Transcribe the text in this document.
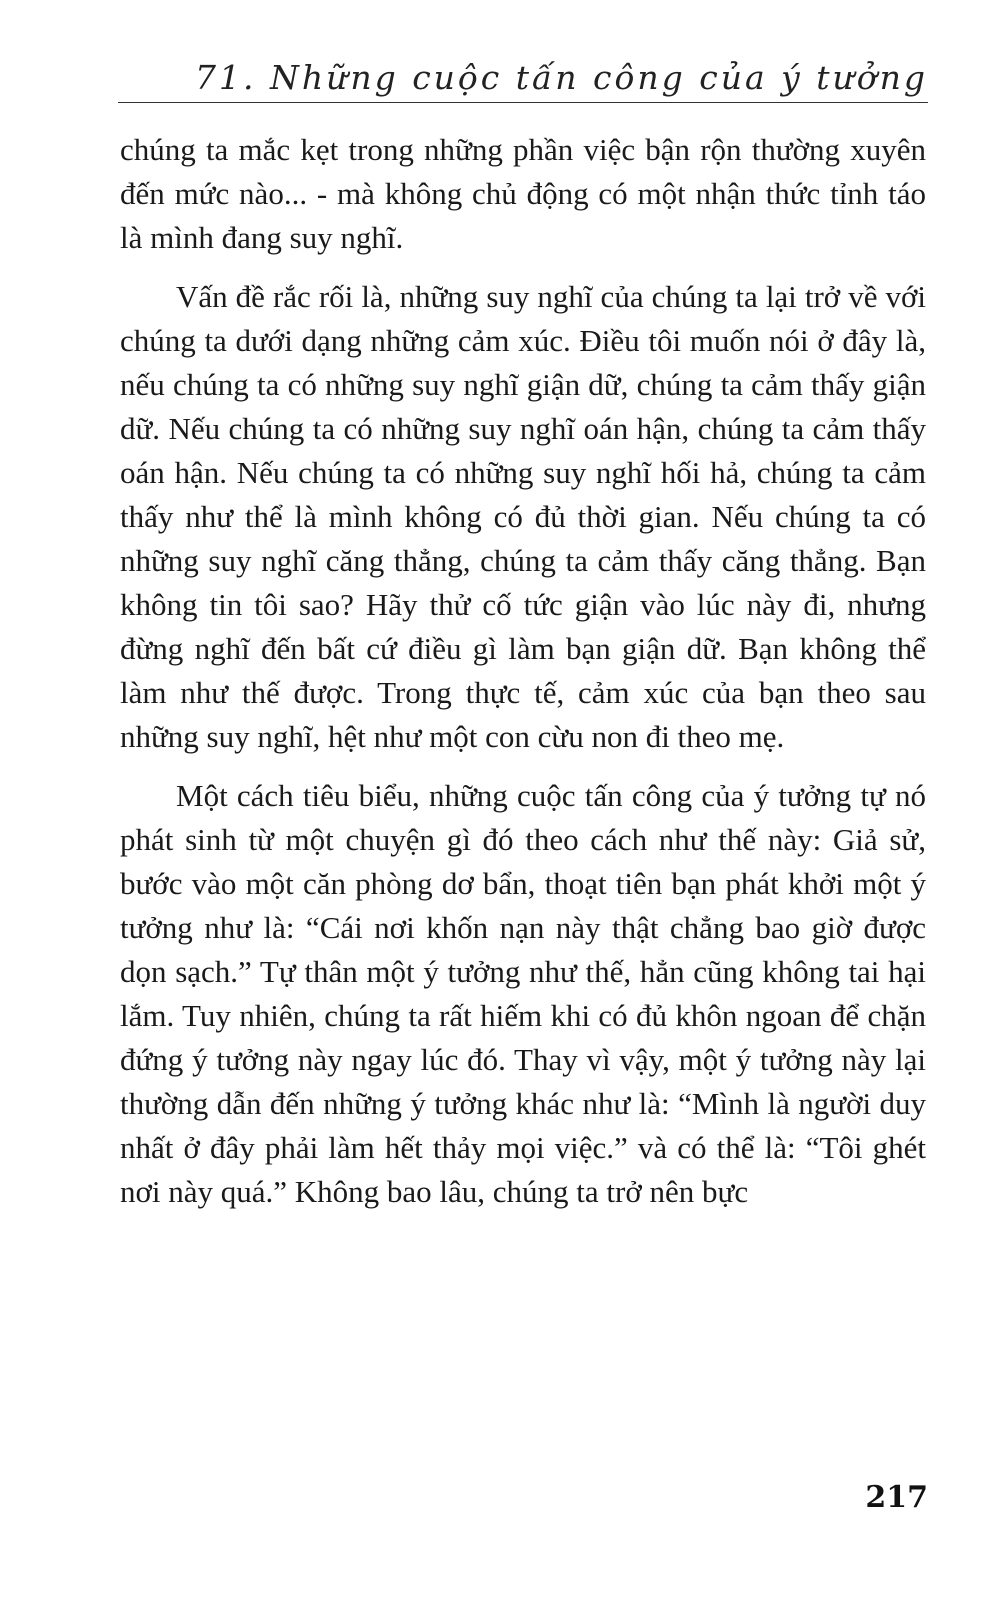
71. Những cuộc tấn công của ý tưởng

chúng ta mắc kẹt trong những phần việc bận rộn thường xuyên đến mức nào... - mà không chủ động có một nhận thức tỉnh táo là mình đang suy nghĩ.

Vấn đề rắc rối là, những suy nghĩ của chúng ta lại trở về với chúng ta dưới dạng những cảm xúc. Điều tôi muốn nói ở đây là, nếu chúng ta có những suy nghĩ giận dữ, chúng ta cảm thấy giận dữ. Nếu chúng ta có những suy nghĩ oán hận, chúng ta cảm thấy oán hận. Nếu chúng ta có những suy nghĩ hối hả, chúng ta cảm thấy như thể là mình không có đủ thời gian. Nếu chúng ta có những suy nghĩ căng thẳng, chúng ta cảm thấy căng thẳng. Bạn không tin tôi sao? Hãy thử cố tức giận vào lúc này đi, nhưng đừng nghĩ đến bất cứ điều gì làm bạn giận dữ. Bạn không thể làm như thế được. Trong thực tế, cảm xúc của bạn theo sau những suy nghĩ, hệt như một con cừu non đi theo mẹ.

Một cách tiêu biểu, những cuộc tấn công của ý tưởng tự nó phát sinh từ một chuyện gì đó theo cách như thế này: Giả sử, bước vào một căn phòng dơ bẩn, thoạt tiên bạn phát khởi một ý tưởng như là: “Cái nơi khốn nạn này thật chẳng bao giờ được dọn sạch.” Tự thân một ý tưởng như thế, hẳn cũng không tai hại lắm. Tuy nhiên, chúng ta rất hiếm khi có đủ khôn ngoan để chặn đứng ý tưởng này ngay lúc đó. Thay vì vậy, một ý tưởng này lại thường dẫn đến những ý tưởng khác như là: “Mình là người duy nhất ở đây phải làm hết thảy mọi việc.” và có thể là: “Tôi ghét nơi này quá.” Không bao lâu, chúng ta trở nên bực

217
